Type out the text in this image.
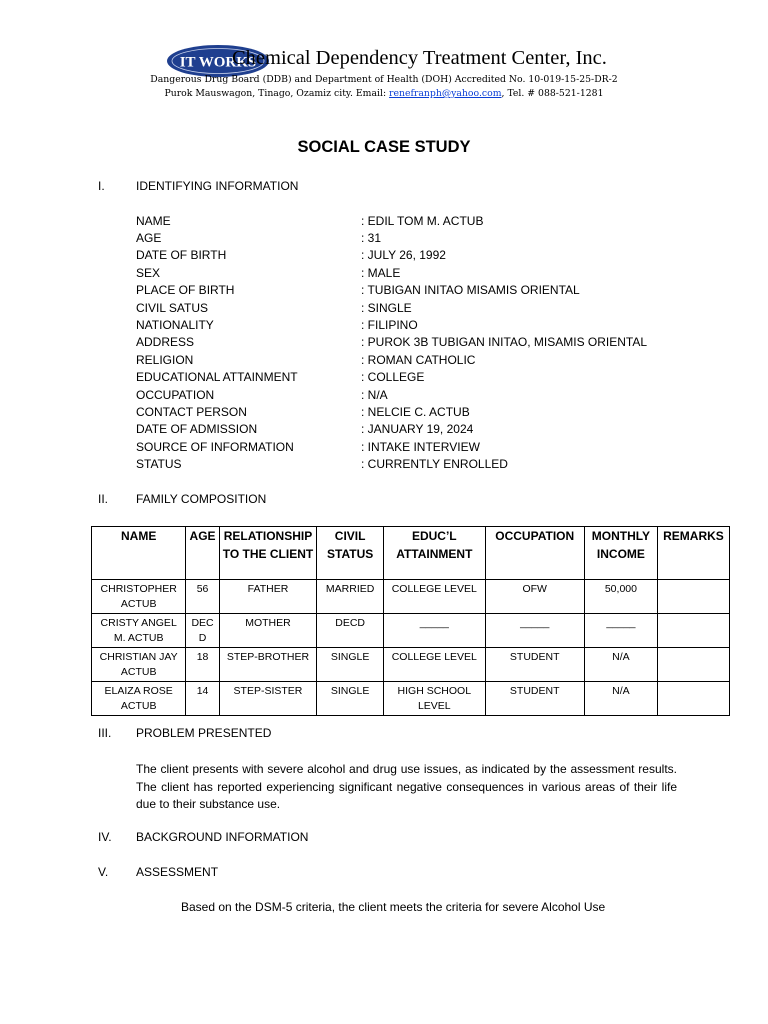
IT WORKS
Chemical Dependency Treatment Center, Inc.
Dangerous Drug Board (DDB) and Department of Health (DOH) Accredited No. 10-019-15-25-DR-2
Purok Mauswagon, Tinago, Ozamiz city. Email: renefranph@yahoo.com, Tel. # 088-521-1281
SOCIAL CASE STUDY
I.	IDENTIFYING INFORMATION
NAME	: EDIL TOM M. ACTUB
AGE	: 31
DATE OF BIRTH	: JULY 26, 1992
SEX	: MALE
PLACE OF BIRTH	: TUBIGAN INITAO MISAMIS ORIENTAL
CIVIL SATUS	: SINGLE
NATIONALITY	: FILIPINO
ADDRESS	: PUROK 3B TUBIGAN INITAO, MISAMIS ORIENTAL
RELIGION	: ROMAN CATHOLIC
EDUCATIONAL ATTAINMENT	: COLLEGE
OCCUPATION	: N/A
CONTACT PERSON	: NELCIE C. ACTUB
DATE OF ADMISSION	: JANUARY 19, 2024
SOURCE OF INFORMATION	: INTAKE INTERVIEW
STATUS	: CURRENTLY ENROLLED
II. FAMILY COMPOSITION
NAME	AGE	RELATIONSHIP TO THE CLIENT	CIVIL STATUS	EDUC’L ATTAINMENT	OCCUPATION	MONTHLY INCOME	REMARKS
CHRISTOPHER ACTUB	56	FATHER	MARRIED	COLLEGE LEVEL	OFW	50,000	
CRISTY ANGEL M. ACTUB	DECD	MOTHER	DECD	_____	_____	_____	
CHRISTIAN JAY ACTUB	18	STEP-BROTHER	SINGLE	COLLEGE LEVEL	STUDENT	N/A	
ELAIZA ROSE ACTUB	14	STEP-SISTER	SINGLE	HIGH SCHOOL LEVEL	STUDENT	N/A	
III. PROBLEM PRESENTED
The client presents with severe alcohol and drug use issues, as indicated by the assessment results. The client has reported experiencing significant negative consequences in various areas of their life due to their substance use.
IV. BACKGROUND INFORMATION
V. ASSESSMENT
Based on the DSM-5 criteria, the client meets the criteria for severe Alcohol Use
